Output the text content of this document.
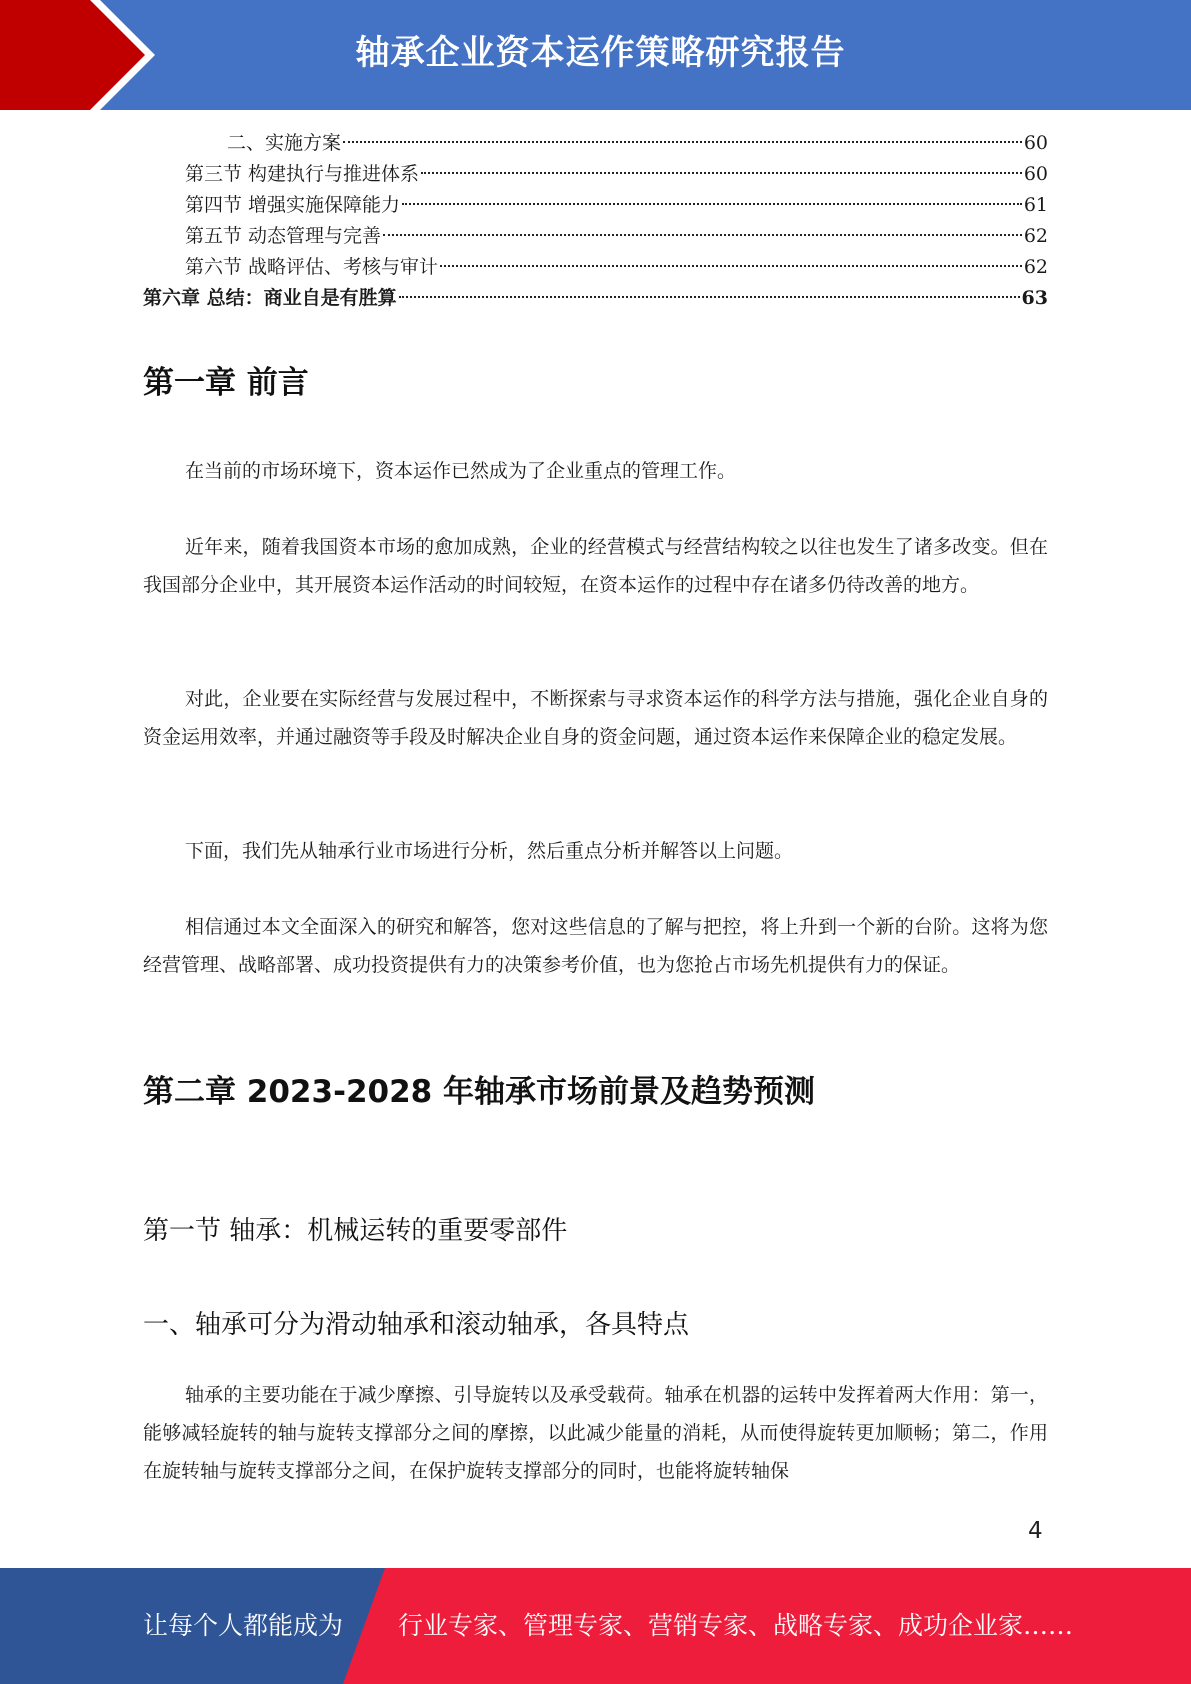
轴承企业资本运作策略研究报告
二、实施方案	60
第三节 构建执行与推进体系	60
第四节 增强实施保障能力	61
第五节 动态管理与完善	62
第六节 战略评估、考核与审计	62
第六章 总结：商业自是有胜算	63
第一章 前言
在当前的市场环境下，资本运作已然成为了企业重点的管理工作。
近年来，随着我国资本市场的愈加成熟，企业的经营模式与经营结构较之以往也发生了诸多改变。但在我国部分企业中，其开展资本运作活动的时间较短，在资本运作的过程中存在诸多仍待改善的地方。
对此，企业要在实际经营与发展过程中，不断探索与寻求资本运作的科学方法与措施，强化企业自身的资金运用效率，并通过融资等手段及时解决企业自身的资金问题，通过资本运作来保障企业的稳定发展。
下面，我们先从轴承行业市场进行分析，然后重点分析并解答以上问题。
相信通过本文全面深入的研究和解答，您对这些信息的了解与把控，将上升到一个新的台阶。这将为您经营管理、战略部署、成功投资提供有力的决策参考价值，也为您抢占市场先机提供有力的保证。
第二章 2023-2028 年轴承市场前景及趋势预测
第一节 轴承：机械运转的重要零部件
一、轴承可分为滑动轴承和滚动轴承，各具特点
轴承的主要功能在于减少摩擦、引导旋转以及承受载荷。轴承在机器的运转中发挥着两大作用：第一，能够减轻旋转的轴与旋转支撑部分之间的摩擦，以此减少能量的消耗，从而使得旋转更加顺畅；第二，作用在旋转轴与旋转支撑部分之间，在保护旋转支撑部分的同时，也能将旋转轴保
4
让每个人都能成为 行业专家、管理专家、营销专家、战略专家、成功企业家……
